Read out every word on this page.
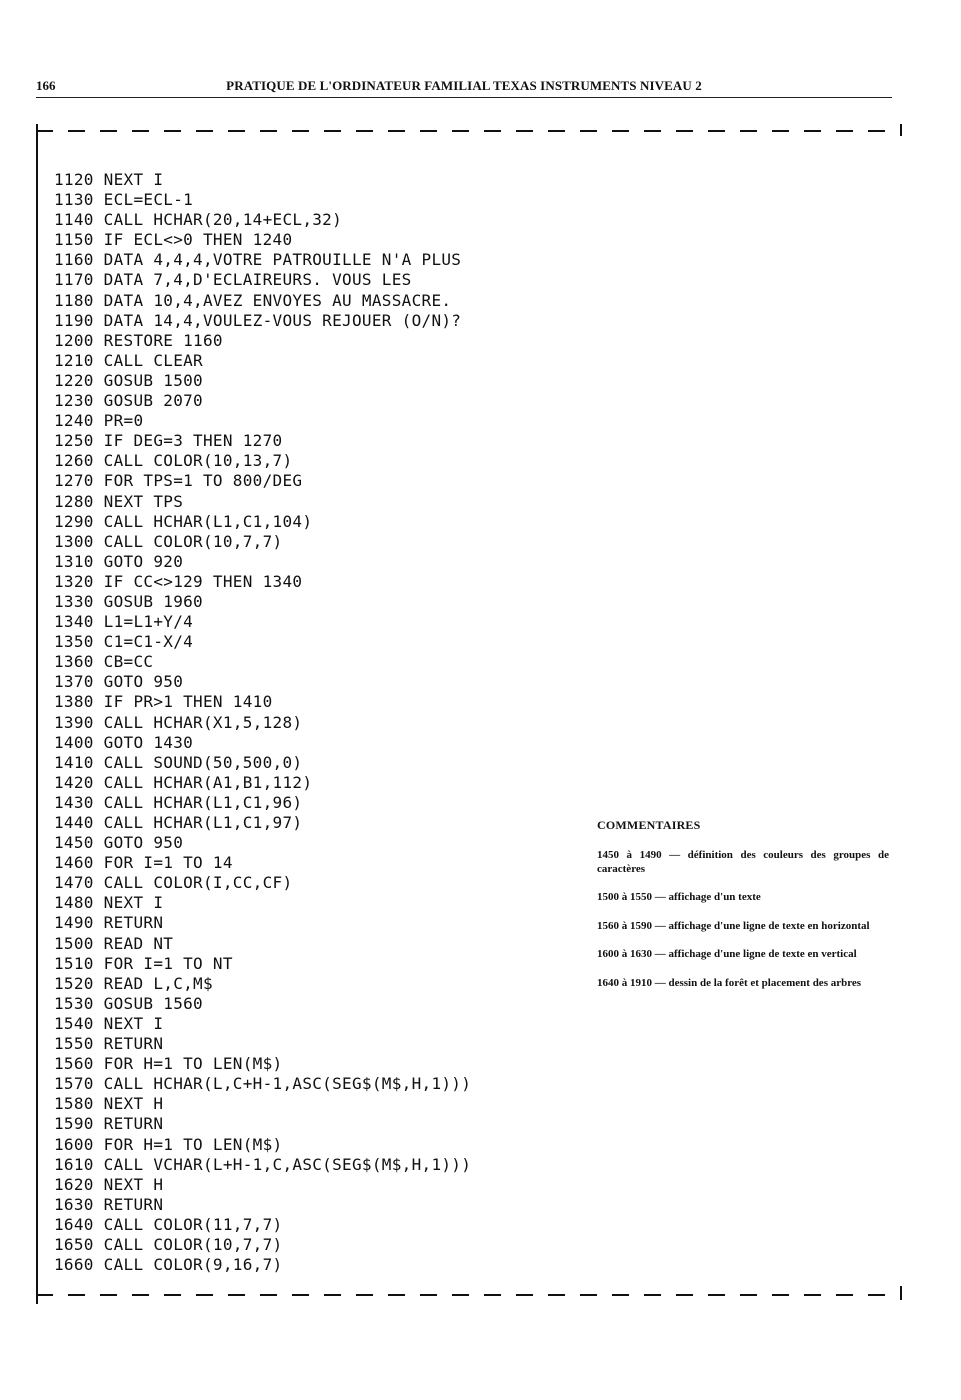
166	PRATIQUE DE L'ORDINATEUR FAMILIAL TEXAS INSTRUMENTS NIVEAU 2
1120 NEXT I
1130 ECL=ECL-1
1140 CALL HCHAR(20,14+ECL,32)
1150 IF ECL<>0 THEN 1240
1160 DATA 4,4,4,VOTRE PATROUILLE N'A PLUS
1170 DATA 7,4,D'ECLAIREURS. VOUS LES
1180 DATA 10,4,AVEZ ENVOYES AU MASSACRE.
1190 DATA 14,4,VOULEZ-VOUS REJOUER (O/N)?
1200 RESTORE 1160
1210 CALL CLEAR
1220 GOSUB 1500
1230 GOSUB 2070
1240 PR=0
1250 IF DEG=3 THEN 1270
1260 CALL COLOR(10,13,7)
1270 FOR TPS=1 TO 800/DEG
1280 NEXT TPS
1290 CALL HCHAR(L1,C1,104)
1300 CALL COLOR(10,7,7)
1310 GOTO 920
1320 IF CC<>129 THEN 1340
1330 GOSUB 1960
1340 L1=L1+Y/4
1350 C1=C1-X/4
1360 CB=CC
1370 GOTO 950
1380 IF PR>1 THEN 1410
1390 CALL HCHAR(X1,5,128)
1400 GOTO 1430
1410 CALL SOUND(50,500,0)
1420 CALL HCHAR(A1,B1,112)
1430 CALL HCHAR(L1,C1,96)
1440 CALL HCHAR(L1,C1,97)
1450 GOTO 950
1460 FOR I=1 TO 14
1470 CALL COLOR(I,CC,CF)
1480 NEXT I
1490 RETURN
1500 READ NT
1510 FOR I=1 TO NT
1520 READ L,C,M$
1530 GOSUB 1560
1540 NEXT I
1550 RETURN
1560 FOR H=1 TO LEN(M$)
1570 CALL HCHAR(L,C+H-1,ASC(SEG$(M$,H,1)))
1580 NEXT H
1590 RETURN
1600 FOR H=1 TO LEN(M$)
1610 CALL VCHAR(L+H-1,C,ASC(SEG$(M$,H,1)))
1620 NEXT H
1630 RETURN
1640 CALL COLOR(11,7,7)
1650 CALL COLOR(10,7,7)
1660 CALL COLOR(9,16,7)
COMMENTAIRES
1450 à 1490 — définition des couleurs des groupes de caractères
1500 à 1550 — affichage d'un texte
1560 à 1590 — affichage d'une ligne de texte en horizontal
1600 à 1630 — affichage d'une ligne de texte en vertical
1640 à 1910 — dessin de la forêt et placement des arbres
